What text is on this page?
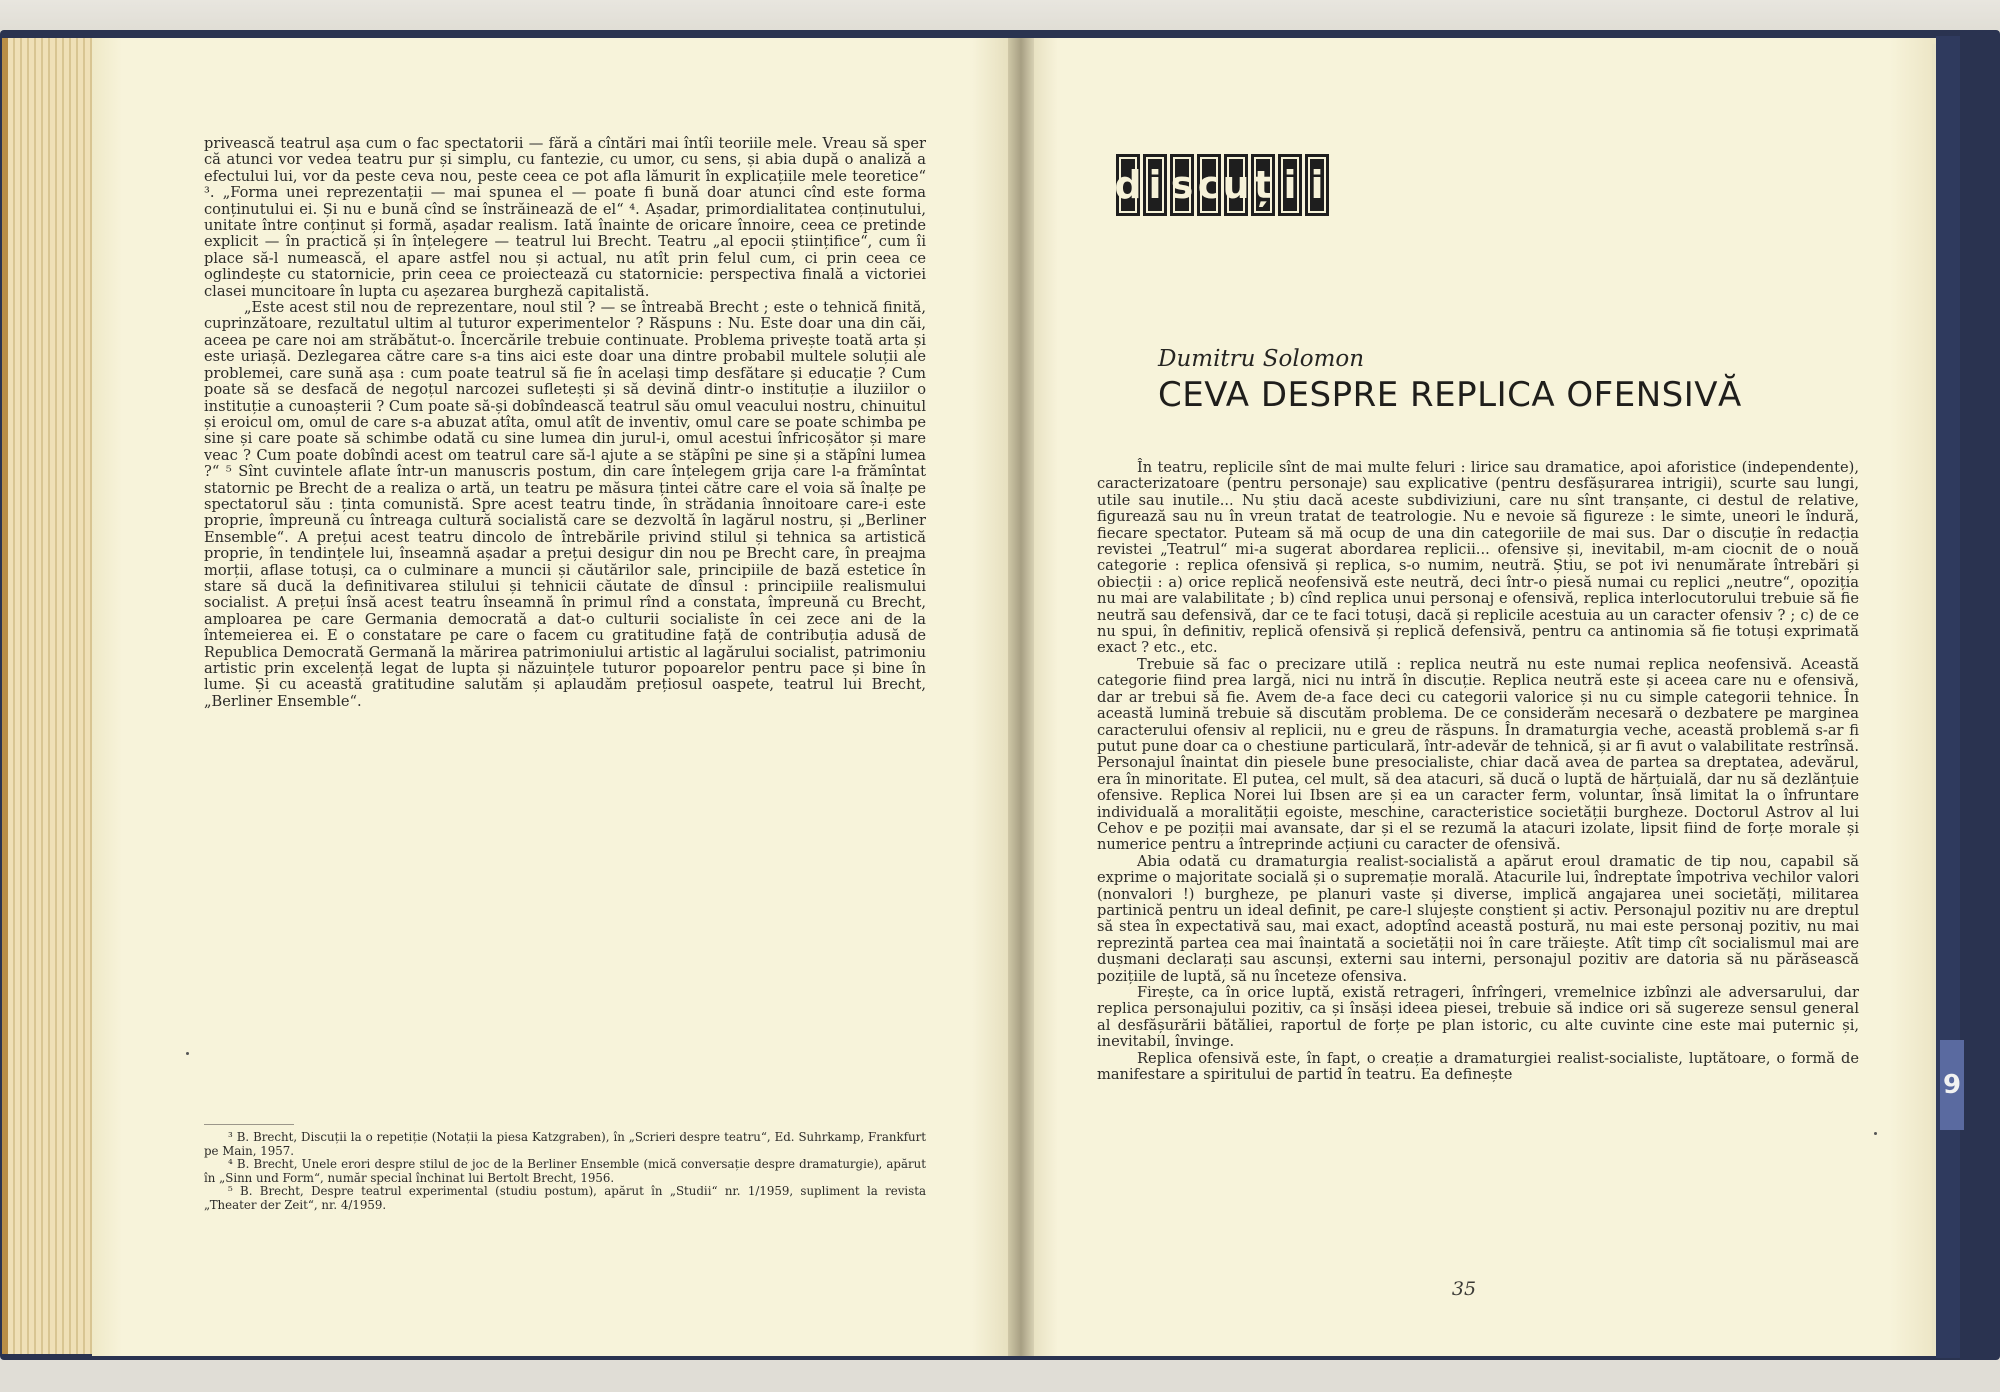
9

privească teatrul așa cum o fac spectatorii — fără a cîntări mai întîi teoriile mele. Vreau să sper că atunci vor vedea teatru pur și simplu, cu fantezie, cu umor, cu sens, și abia după o analiză a efectului lui, vor da peste ceva nou, peste ceea ce pot afla lămurit în explicațiile mele teoretice“ ³. „Forma unei reprezentații — mai spunea el — poate fi bună doar atunci cînd este forma conținutului ei. Și nu e bună cînd se înstrăinează de el“ ⁴. Așadar, primordialitatea conținutului, unitate între conținut și formă, așadar realism. Iată înainte de oricare înnoire, ceea ce pretinde explicit — în practică și în înțelegere — teatrul lui Brecht. Teatru „al epocii științifice“, cum îi place să-l numească, el apare astfel nou și actual, nu atît prin felul cum, ci prin ceea ce oglindește cu statornicie, prin ceea ce proiectează cu statornicie: perspectiva finală a victoriei clasei muncitoare în lupta cu așezarea burgheză capitalistă.

„Este acest stil nou de reprezentare, noul stil ? — se întreabă Brecht ; este o tehnică finită, cuprinzătoare, rezultatul ultim al tuturor experimentelor ? Răspuns : Nu. Este doar una din căi, aceea pe care noi am străbătut-o. Încercările trebuie continuate. Problema privește toată arta și este uriașă. Dezlegarea către care s-a tins aici este doar una dintre probabil multele soluții ale problemei, care sună așa : cum poate teatrul să fie în același timp desfătare și educație ? Cum poate să se desfacă de negoțul narcozei sufletești și să devină dintr-o instituție a iluziilor o instituție a cunoașterii ? Cum poate să-și dobîndească teatrul său omul veacului nostru, chinuitul și eroicul om, omul de care s-a abuzat atîta, omul atît de inventiv, omul care se poate schimba pe sine și care poate să schimbe odată cu sine lumea din jurul-i, omul acestui înfricoșător și mare veac ? Cum poate dobîndi acest om teatrul care să-l ajute a se stăpîni pe sine și a stăpîni lumea ?“ ⁵ Sînt cuvintele aflate într-un manuscris postum, din care înțelegem grija care l-a frămîntat statornic pe Brecht de a realiza o artă, un teatru pe măsura țintei către care el voia să înalțe pe spectatorul său : ținta comunistă. Spre acest teatru tinde, în strădania înnoitoare care-i este proprie, împreună cu întreaga cultură socialistă care se dezvoltă în lagărul nostru, și „Berliner Ensemble“. A prețui acest teatru dincolo de întrebările privind stilul și tehnica sa artistică proprie, în tendințele lui, înseamnă așadar a prețui desigur din nou pe Brecht care, în preajma morții, aflase totuși, ca o culminare a muncii și căutărilor sale, principiile de bază estetice în stare să ducă la definitivarea stilului și tehnicii căutate de dînsul : principiile realismului socialist. A prețui însă acest teatru înseamnă în primul rînd a constata, împreună cu Brecht, amploarea pe care Germania democrată a dat-o culturii socialiste în cei zece ani de la întemeierea ei. E o constatare pe care o facem cu gratitudine față de contribuția adusă de Republica Democrată Germană la mărirea patrimoniului artistic al lagărului socialist, patrimoniu artistic prin excelență legat de lupta și năzuințele tuturor popoarelor pentru pace și bine în lume. Și cu această gratitudine salutăm și aplaudăm prețiosul oaspete, teatrul lui Brecht, „Berliner Ensemble“.

³ B. Brecht, Discuții la o repetiție (Notații la piesa Katzgraben), în „Scrieri despre teatru“, Ed. Suhrkamp, Frankfurt pe Main, 1957.

⁴ B. Brecht, Unele erori despre stilul de joc de la Berliner Ensemble (mică conversație despre dramaturgie), apărut în „Sinn und Form“, număr special închinat lui Bertolt Brecht, 1956.

⁵ B. Brecht, Despre teatrul experimental (studiu postum), apărut în „Studii“ nr. 1/1959, supliment la revista „Theater der Zeit“, nr. 4/1959.

d i s c u ț i i
Dumitru Solomon
CEVA DESPRE REPLICA OFENSIVĂ

În teatru, replicile sînt de mai multe feluri : lirice sau dramatice, apoi aforistice (independente), caracterizatoare (pentru personaje) sau explicative (pentru desfășurarea intrigii), scurte sau lungi, utile sau inutile... Nu știu dacă aceste subdiviziuni, care nu sînt tranșante, ci destul de relative, figurează sau nu în vreun tratat de teatrologie. Nu e nevoie să figureze : le simte, uneori le îndură, fiecare spectator. Puteam să mă ocup de una din categoriile de mai sus. Dar o discuție în redacția revistei „Teatrul“ mi-a sugerat abordarea replicii... ofensive și, inevitabil, m-am ciocnit de o nouă categorie : replica ofensivă și replica, s-o numim, neutră. Știu, se pot ivi nenumărate întrebări și obiecții : a) orice replică neofensivă este neutră, deci într-o piesă numai cu replici „neutre“, opoziția nu mai are valabilitate ; b) cînd replica unui personaj e ofensivă, replica interlocutorului trebuie să fie neutră sau defensivă, dar ce te faci totuși, dacă și replicile acestuia au un caracter ofensiv ? ; c) de ce nu spui, în definitiv, replică ofensivă și replică defensivă, pentru ca antinomia să fie totuși exprimată exact ? etc., etc.

Trebuie să fac o precizare utilă : replica neutră nu este numai replica neofensivă. Această categorie fiind prea largă, nici nu intră în discuție. Replica neutră este și aceea care nu e ofensivă, dar ar trebui să fie. Avem de-a face deci cu categorii valorice și nu cu simple categorii tehnice. În această lumină trebuie să discutăm problema. De ce considerăm necesară o dezbatere pe marginea caracterului ofensiv al replicii, nu e greu de răspuns. În dramaturgia veche, această problemă s-ar fi putut pune doar ca o chestiune particulară, într-adevăr de tehnică, și ar fi avut o valabilitate restrînsă. Personajul înaintat din piesele bune presocialiste, chiar dacă avea de partea sa dreptatea, adevărul, era în minoritate. El putea, cel mult, să dea atacuri, să ducă o luptă de hărțuială, dar nu să dezlănțuie ofensive. Replica Norei lui Ibsen are și ea un caracter ferm, voluntar, însă limitat la o înfruntare individuală a moralității egoiste, meschine, caracteristice societății burgheze. Doctorul Astrov al lui Cehov e pe poziții mai avansate, dar și el se rezumă la atacuri izolate, lipsit fiind de forțe morale și numerice pentru a întreprinde acțiuni cu caracter de ofensivă.

Abia odată cu dramaturgia realist-socialistă a apărut eroul dramatic de tip nou, capabil să exprime o majoritate socială și o supremație morală. Atacurile lui, îndreptate împotriva vechilor valori (nonvalori !) burgheze, pe planuri vaste și diverse, implică angajarea unei societăți, militarea partinică pentru un ideal definit, pe care-l slujește conștient și activ. Personajul pozitiv nu are dreptul să stea în expectativă sau, mai exact, adoptînd această postură, nu mai este personaj pozitiv, nu mai reprezintă partea cea mai înaintată a societății noi în care trăiește. Atît timp cît socialismul mai are dușmani declarați sau ascunși, externi sau interni, personajul pozitiv are datoria să nu părăsească pozițiile de luptă, să nu înceteze ofensiva.

Firește, ca în orice luptă, există retrageri, înfrîngeri, vremelnice izbînzi ale adversarului, dar replica personajului pozitiv, ca și însăși ideea piesei, trebuie să indice ori să sugereze sensul general al desfășurării bătăliei, raportul de forțe pe plan istoric, cu alte cuvinte cine este mai puternic și, inevitabil, învinge.

Replica ofensivă este, în fapt, o creație a dramaturgiei realist-socialiste, luptătoare, o formă de manifestare a spiritului de partid în teatru. Ea definește

35
